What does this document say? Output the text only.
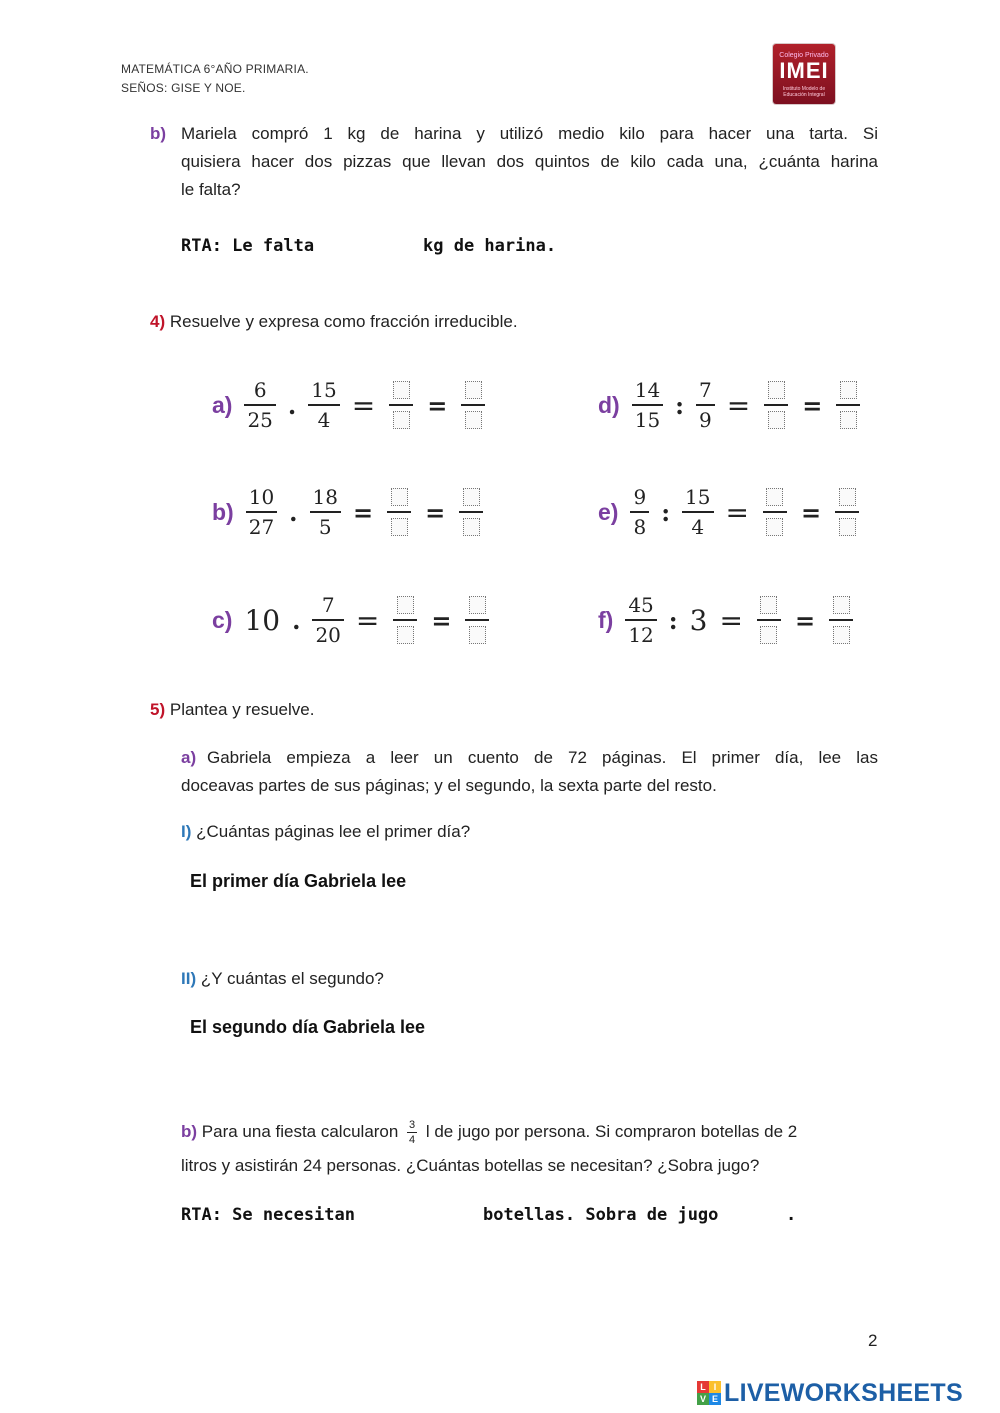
MATEMÁTICA 6°AÑO PRIMARIA.
SEÑOS: GISE Y NOE.
Colegio Privado
IMEI
Instituto Modelo de Educación Integral
b) Mariela compró 1 kg de harina y utilizó medio kilo para hacer una tarta. Si
quisiera hacer dos pizzas que llevan dos quintos de kilo cada una, ¿cuánta harina
le falta?
RTA: Le falta	kg de harina.
4) Resuelve y expresa como fracción irreducible.
$a) \frac{6}{25}$ . $\frac{15}{4}$ = =
$b) \frac{10}{27}$ . $\frac{18}{5}$ = =
c) 10 . $\frac{7}{20}$ = =
$d) \frac{14}{15}$ : $\frac{7}{9}$ = =
$e) \frac{9}{8}$ : $\frac{15}{4}$ = =
$f) \frac{45}{12}$ : 3 = =
5) Plantea y resuelve.
a) Gabriela empieza a leer un cuento de 72 páginas. El primer día, lee las
doceavas partes de sus páginas; y el segundo, la sexta parte del resto.
I) ¿Cuántas páginas lee el primer día?
El primer día Gabriela lee
II) ¿Y cuántas el segundo?
El segundo día Gabriela lee
b) Para una fiesta calcularon $\frac{3}{4}$ l de jugo por persona. Si compraron botellas de 2
litros y asistirán 24 personas. ¿Cuántas botellas se necesitan? ¿Sobra jugo?
RTA: Se necesitan	botellas. Sobra de jugo	.
2
L I
V E LIVEWORKSHEETS
